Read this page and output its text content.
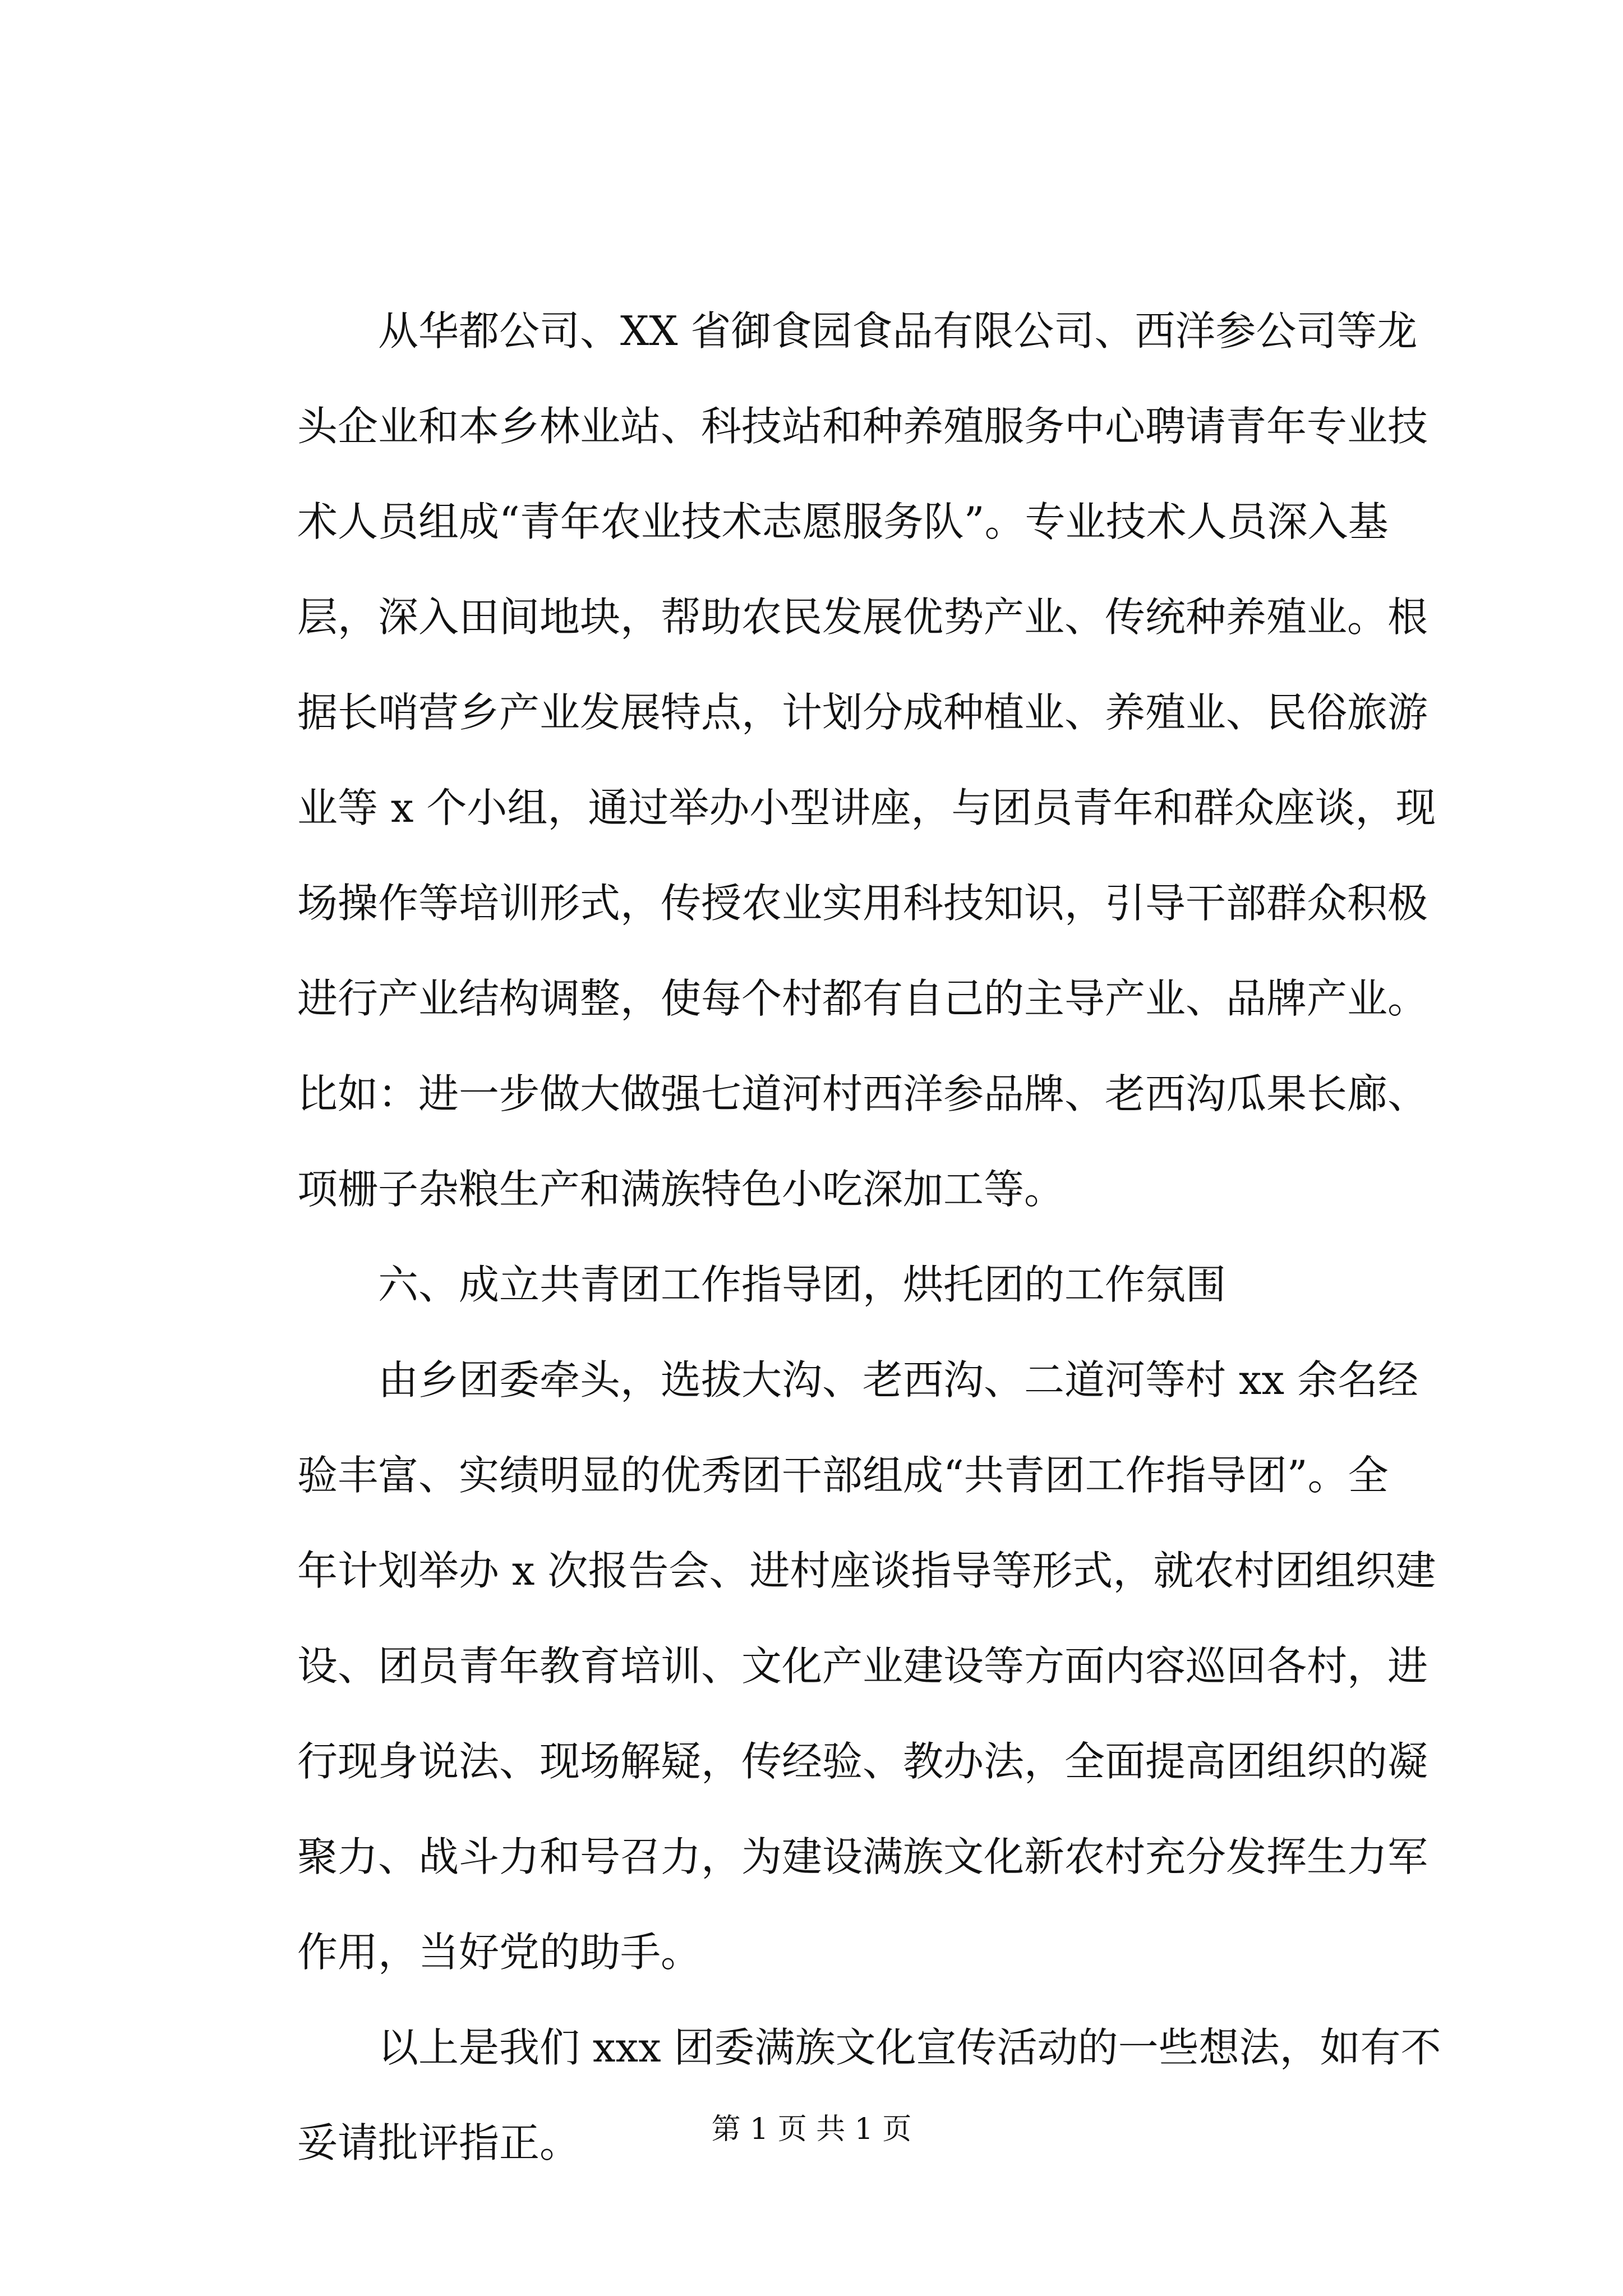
从华都公司、XX 省御食园食品有限公司、西洋参公司等龙
头企业和本乡林业站、科技站和种养殖服务中心聘请青年专业技
术人员组成“青年农业技术志愿服务队”。专业技术人员深入基
层，深入田间地块，帮助农民发展优势产业、传统种养殖业。根
据长哨营乡产业发展特点，计划分成种植业、养殖业、民俗旅游
业等 x 个小组，通过举办小型讲座，与团员青年和群众座谈，现
场操作等培训形式，传授农业实用科技知识，引导干部群众积极
进行产业结构调整，使每个村都有自己的主导产业、品牌产业。
比如：进一步做大做强七道河村西洋参品牌、老西沟瓜果长廊、
项栅子杂粮生产和满族特色小吃深加工等。
六、成立共青团工作指导团，烘托团的工作氛围
由乡团委牵头，选拔大沟、老西沟、二道河等村 xx 余名经
验丰富、实绩明显的优秀团干部组成“共青团工作指导团”。全
年计划举办 x 次报告会、进村座谈指导等形式，就农村团组织建
设、团员青年教育培训、文化产业建设等方面内容巡回各村，进
行现身说法、现场解疑，传经验、教办法，全面提高团组织的凝
聚力、战斗力和号召力，为建设满族文化新农村充分发挥生力军
作用，当好党的助手。
以上是我们 xxx 团委满族文化宣传活动的一些想法，如有不
妥请批评指正。	第 1 页 共 1 页
